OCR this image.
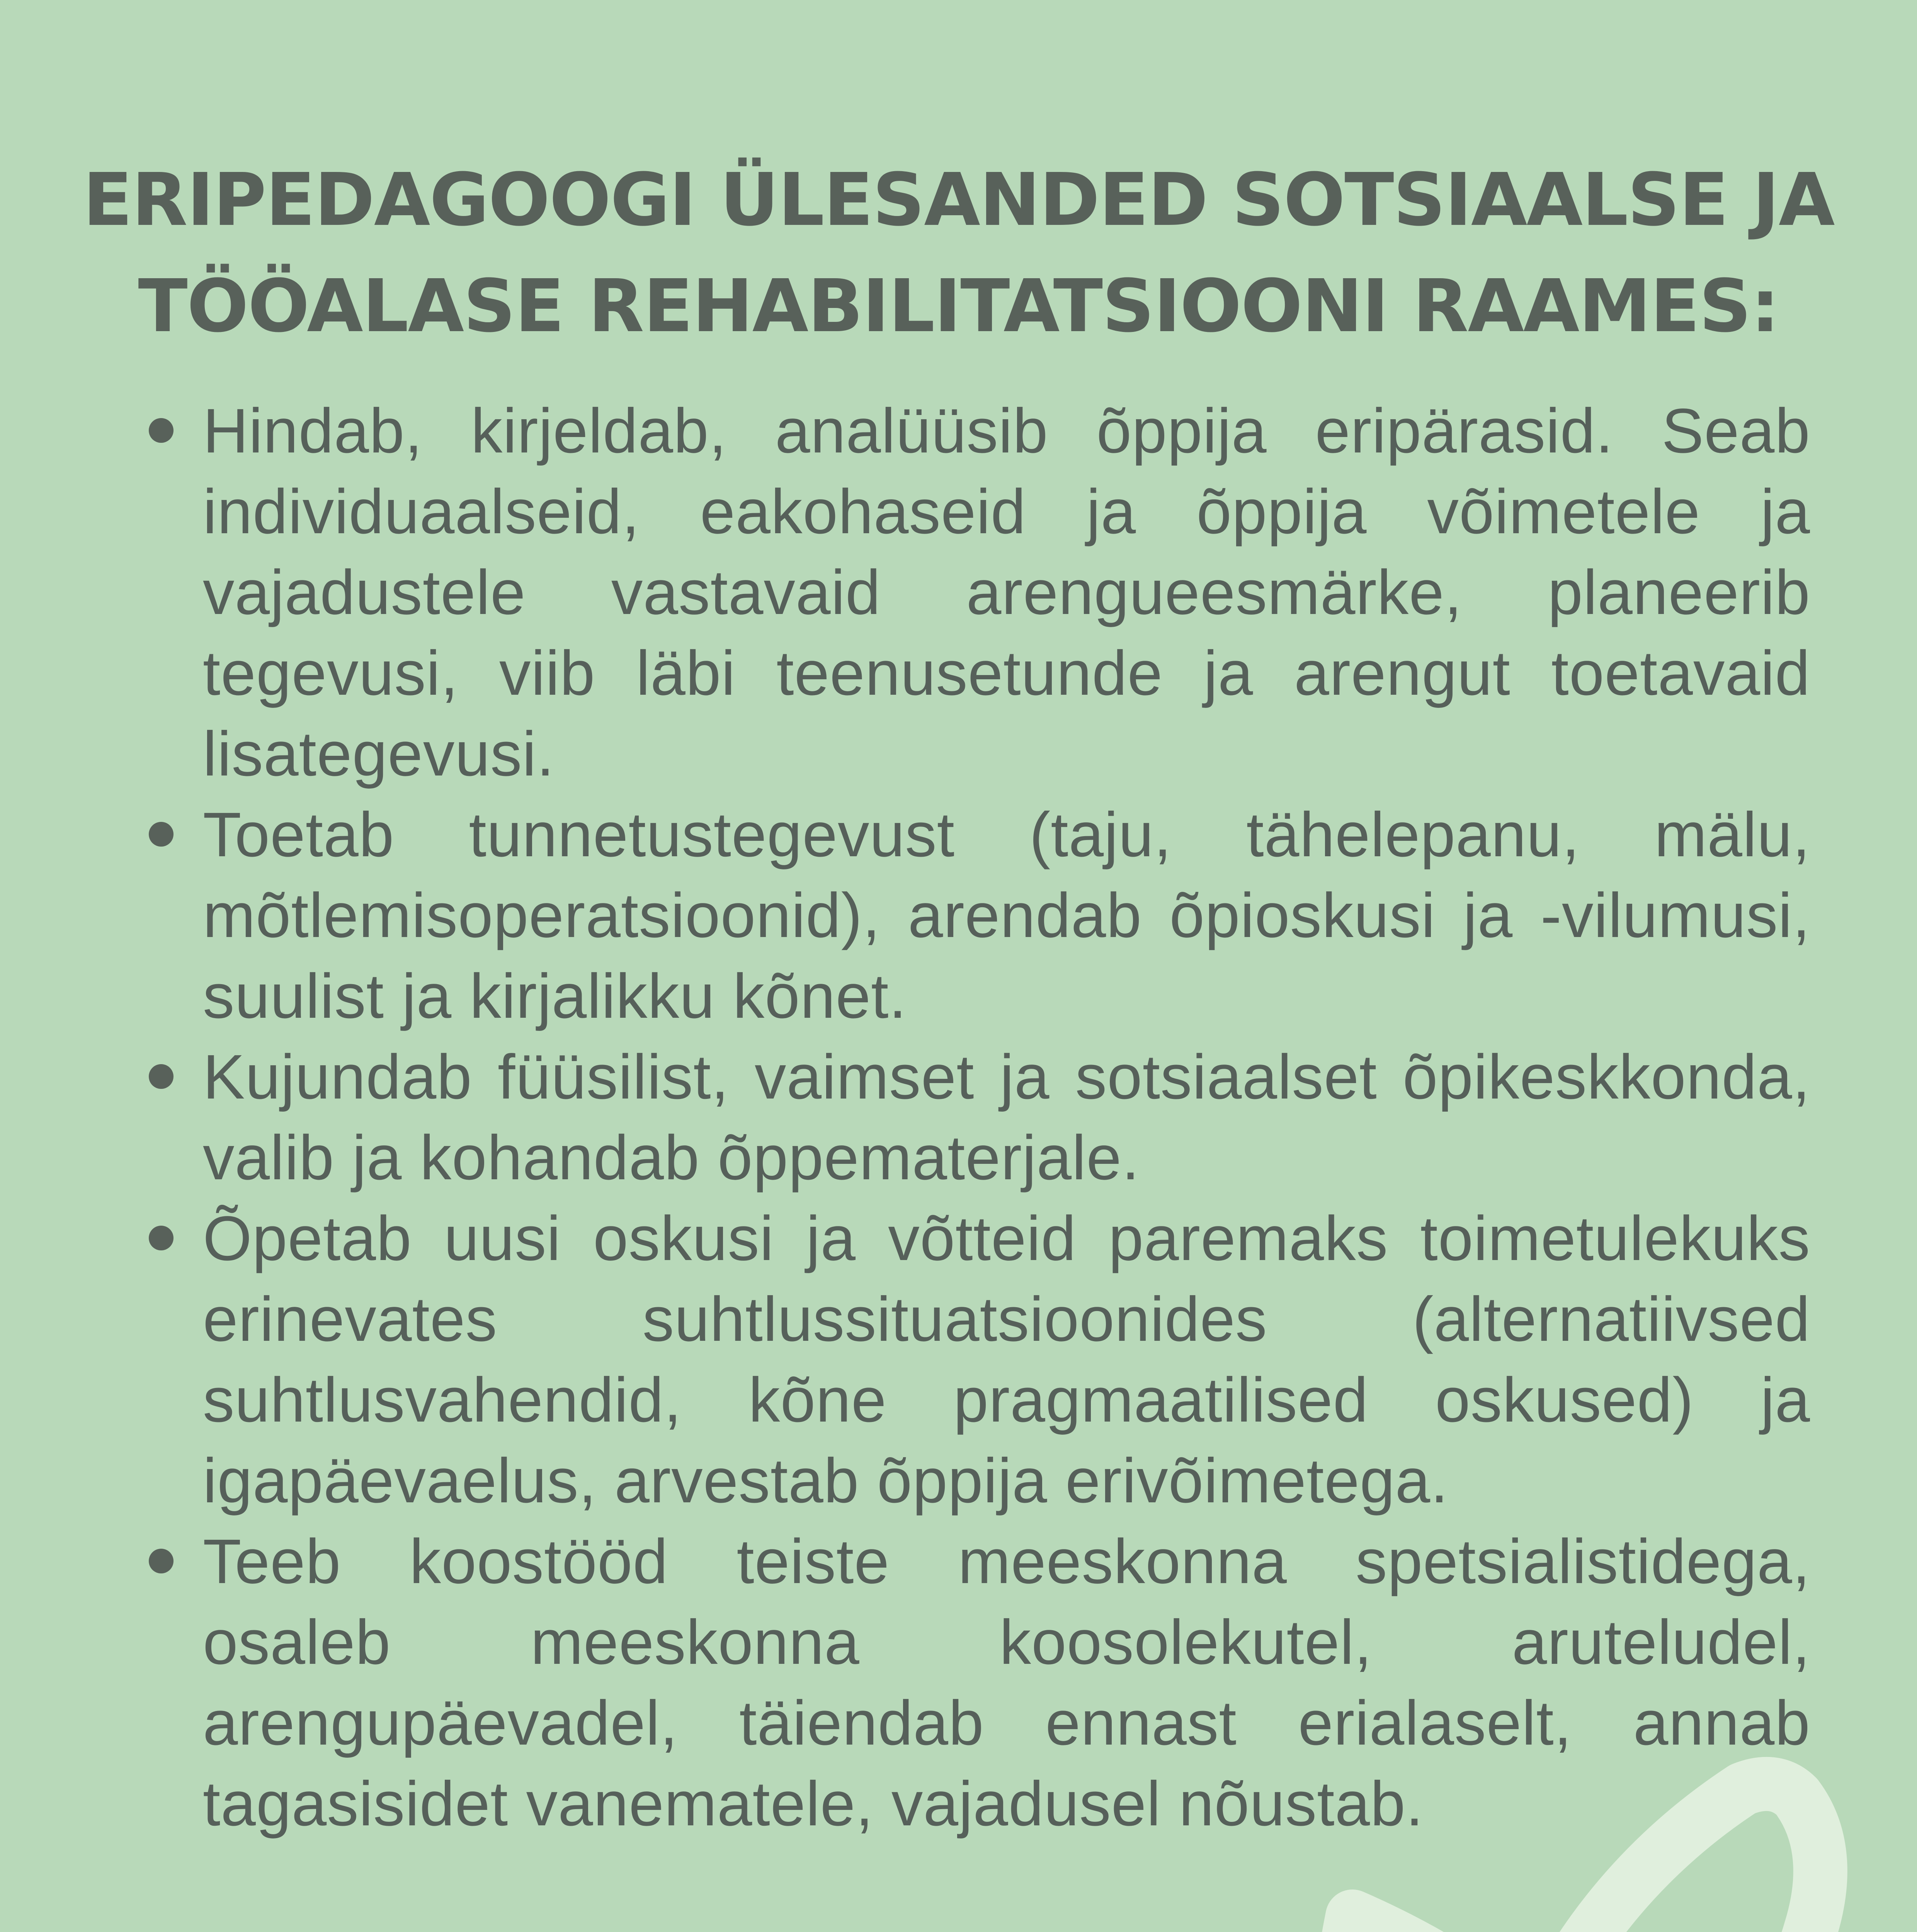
ERIPEDAGOOGI ÜLESANDED SOTSIAALSE JA
TÖÖALASE REHABILITATSIOONI RAAMES:
Hindab, kirjeldab, analüüsib õppija eripärasid. Seab individuaalseid, eakohaseid ja õppija võimetele ja vajadustele vastavaid arengueesmärke, planeerib tegevusi, viib läbi teenusetunde ja arengut toetavaid lisategevusi.
Toetab tunnetustegevust (taju, tähelepanu, mälu, mõtlemisoperatsioonid), arendab õpioskusi ja -vilumusi, suulist ja kirjalikku kõnet.
Kujundab füüsilist, vaimset ja sotsiaalset õpikeskkonda, valib ja kohandab õppematerjale.
Õpetab uusi oskusi ja võtteid paremaks toimetulekuks erinevates suhtlussituatsioonides (alternatiivsed suhtlusvahendid, kõne pragmaatilised oskused) ja igapäevaelus, arvestab õppija erivõimetega.
Teeb koostööd teiste meeskonna spetsialistidega, osaleb meeskonna koosolekutel, aruteludel, arengupäevadel, täiendab ennast erialaselt, annab tagasisidet vanematele, vajadusel nõustab.
